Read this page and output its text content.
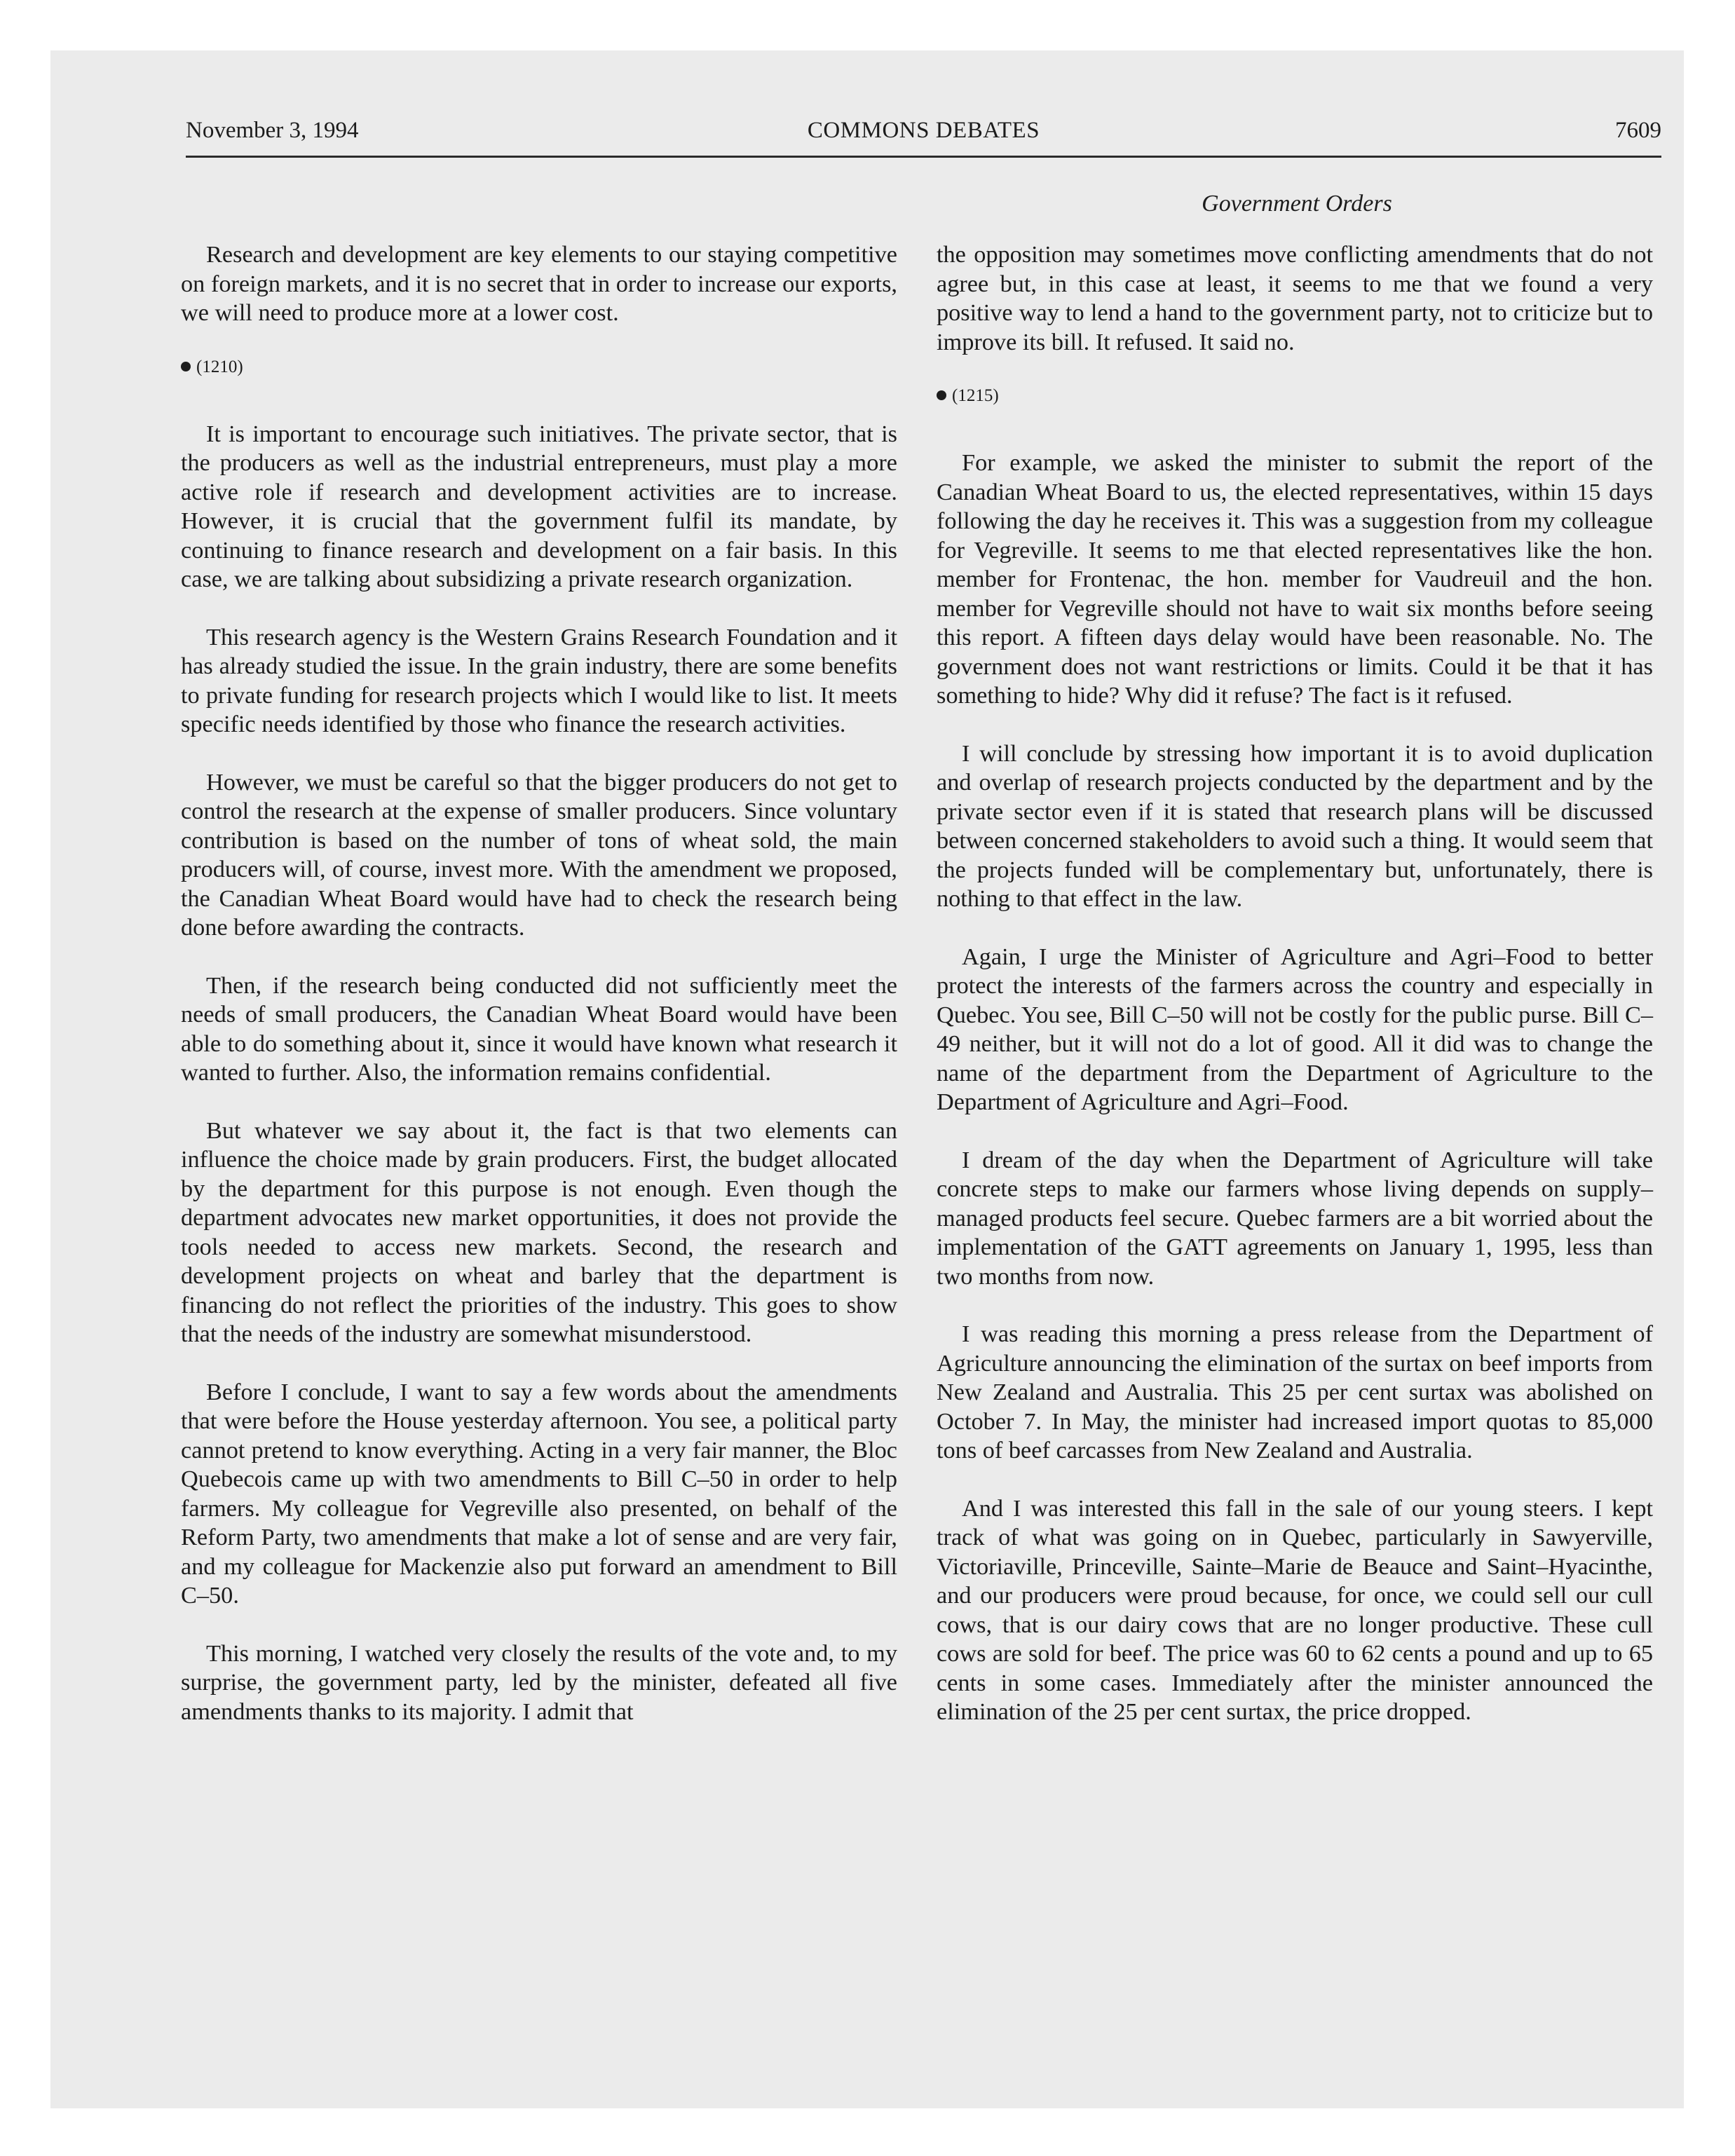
November 3, 1994	COMMONS DEBATES	7609
Government Orders

Research and development are key elements to our staying competitive on foreign markets, and it is no secret that in order to increase our exports, we will need to produce more at a lower cost.

(1210)

It is important to encourage such initiatives. The private sector, that is the producers as well as the industrial entrepreneurs, must play a more active role if research and development activities are to increase. However, it is crucial that the government fulfil its mandate, by continuing to finance research and development on a fair basis. In this case, we are talking about subsidizing a private research organization.

This research agency is the Western Grains Research Foundation and it has already studied the issue. In the grain industry, there are some benefits to private funding for research projects which I would like to list. It meets specific needs identified by those who finance the research activities.

However, we must be careful so that the bigger producers do not get to control the research at the expense of smaller producers. Since voluntary contribution is based on the number of tons of wheat sold, the main producers will, of course, invest more. With the amendment we proposed, the Canadian Wheat Board would have had to check the research being done before awarding the contracts.

Then, if the research being conducted did not sufficiently meet the needs of small producers, the Canadian Wheat Board would have been able to do something about it, since it would have known what research it wanted to further. Also, the information remains confidential.

But whatever we say about it, the fact is that two elements can influence the choice made by grain producers. First, the budget allocated by the department for this purpose is not enough. Even though the department advocates new market opportunities, it does not provide the tools needed to access new markets. Second, the research and development projects on wheat and barley that the department is financing do not reflect the priorities of the industry. This goes to show that the needs of the industry are somewhat misunderstood.

Before I conclude, I want to say a few words about the amendments that were before the House yesterday afternoon. You see, a political party cannot pretend to know everything. Acting in a very fair manner, the Bloc Quebecois came up with two amendments to Bill C–50 in order to help farmers. My colleague for Vegreville also presented, on behalf of the Reform Party, two amendments that make a lot of sense and are very fair, and my colleague for Mackenzie also put forward an amendment to Bill C–50.

This morning, I watched very closely the results of the vote and, to my surprise, the government party, led by the minister, defeated all five amendments thanks to its majority. I admit that

the opposition may sometimes move conflicting amendments that do not agree but, in this case at least, it seems to me that we found a very positive way to lend a hand to the government party, not to criticize but to improve its bill. It refused. It said no.

(1215)

For example, we asked the minister to submit the report of the Canadian Wheat Board to us, the elected representatives, within 15 days following the day he receives it. This was a suggestion from my colleague for Vegreville. It seems to me that elected representatives like the hon. member for Frontenac, the hon. member for Vaudreuil and the hon. member for Vegreville should not have to wait six months before seeing this report. A fifteen days delay would have been reasonable. No. The government does not want restrictions or limits. Could it be that it has something to hide? Why did it refuse? The fact is it refused.

I will conclude by stressing how important it is to avoid duplication and overlap of research projects conducted by the department and by the private sector even if it is stated that research plans will be discussed between concerned stakeholders to avoid such a thing. It would seem that the projects funded will be complementary but, unfortunately, there is nothing to that effect in the law.

Again, I urge the Minister of Agriculture and Agri–Food to better protect the interests of the farmers across the country and especially in Quebec. You see, Bill C–50 will not be costly for the public purse. Bill C–49 neither, but it will not do a lot of good. All it did was to change the name of the department from the Department of Agriculture to the Department of Agriculture and Agri–Food.

I dream of the day when the Department of Agriculture will take concrete steps to make our farmers whose living depends on supply–managed products feel secure. Quebec farmers are a bit worried about the implementation of the GATT agreements on January 1, 1995, less than two months from now.

I was reading this morning a press release from the Department of Agriculture announcing the elimination of the surtax on beef imports from New Zealand and Australia. This 25 per cent surtax was abolished on October 7. In May, the minister had increased import quotas to 85,000 tons of beef carcasses from New Zealand and Australia.

And I was interested this fall in the sale of our young steers. I kept track of what was going on in Quebec, particularly in Sawyerville, Victoriaville, Princeville, Sainte–Marie de Beauce and Saint–Hyacinthe, and our producers were proud because, for once, we could sell our cull cows, that is our dairy cows that are no longer productive. These cull cows are sold for beef. The price was 60 to 62 cents a pound and up to 65 cents in some cases. Immediately after the minister announced the elimination of the 25 per cent surtax, the price dropped.
